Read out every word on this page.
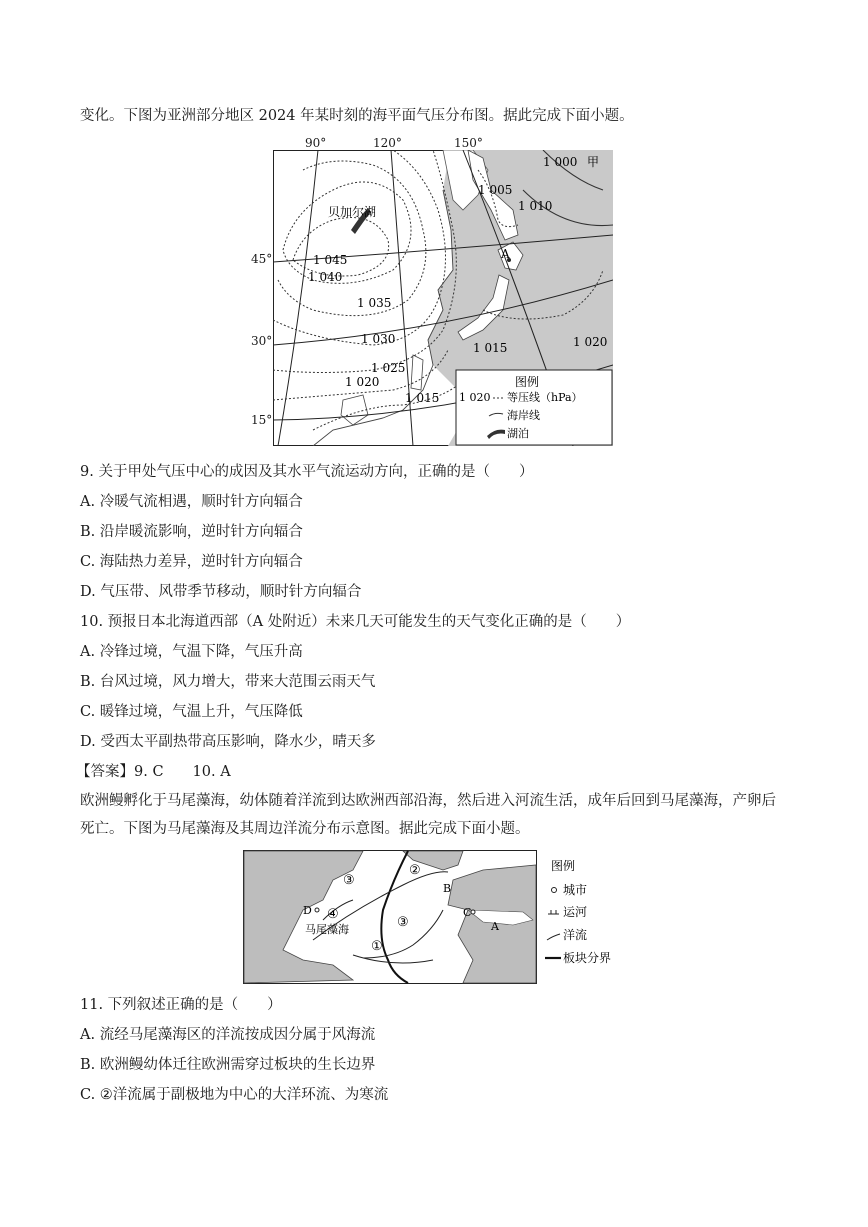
变化。下图为亚洲部分地区 2024 年某时刻的海平面气压分布图。据此完成下面小题。
A
贝加尔湖
1 000 甲
1 005
1 010
1 045
1 040
1 035
1 030
1 025
1 020
1 015
1 015
1 020
图例
1 020 等压线（hPa）
海岸线
湖泊
90°	120°	150°
45°
30°
15°
9. 关于甲处气压中心的成因及其水平气流运动方向，正确的是（　　）
A. 冷暖气流相遇，顺时针方向辐合
B. 沿岸暖流影响，逆时针方向辐合
C. 海陆热力差异，逆时针方向辐合
D. 气压带、风带季节移动，顺时针方向辐合
10. 预报日本北海道西部（A 处附近）未来几天可能发生的天气变化正确的是（　　）
A. 冷锋过境，气温下降，气压升高
B. 台风过境，风力增大，带来大范围云雨天气
C. 暖锋过境，气温上升，气压降低
D. 受西太平副热带高压影响，降水少，晴天多
【答案】9. C　　10. A
欧洲鳗孵化于马尾藻海，幼体随着洋流到达欧洲西部沿海，然后进入河流生活，成年后回到马尾藻海，产卵后死亡。下图为马尾藻海及其周边洋流分布示意图。据此完成下面小题。
③
②
③
④
①
马尾藻海
D	C
A
B
图例
城市
运河
洋流
板块分界
11. 下列叙述正确的是（　　）
A. 流经马尾藻海区的洋流按成因分属于风海流
B. 欧洲鳗幼体迁往欧洲需穿过板块的生长边界
C. ②洋流属于副极地为中心的大洋环流、为寒流
